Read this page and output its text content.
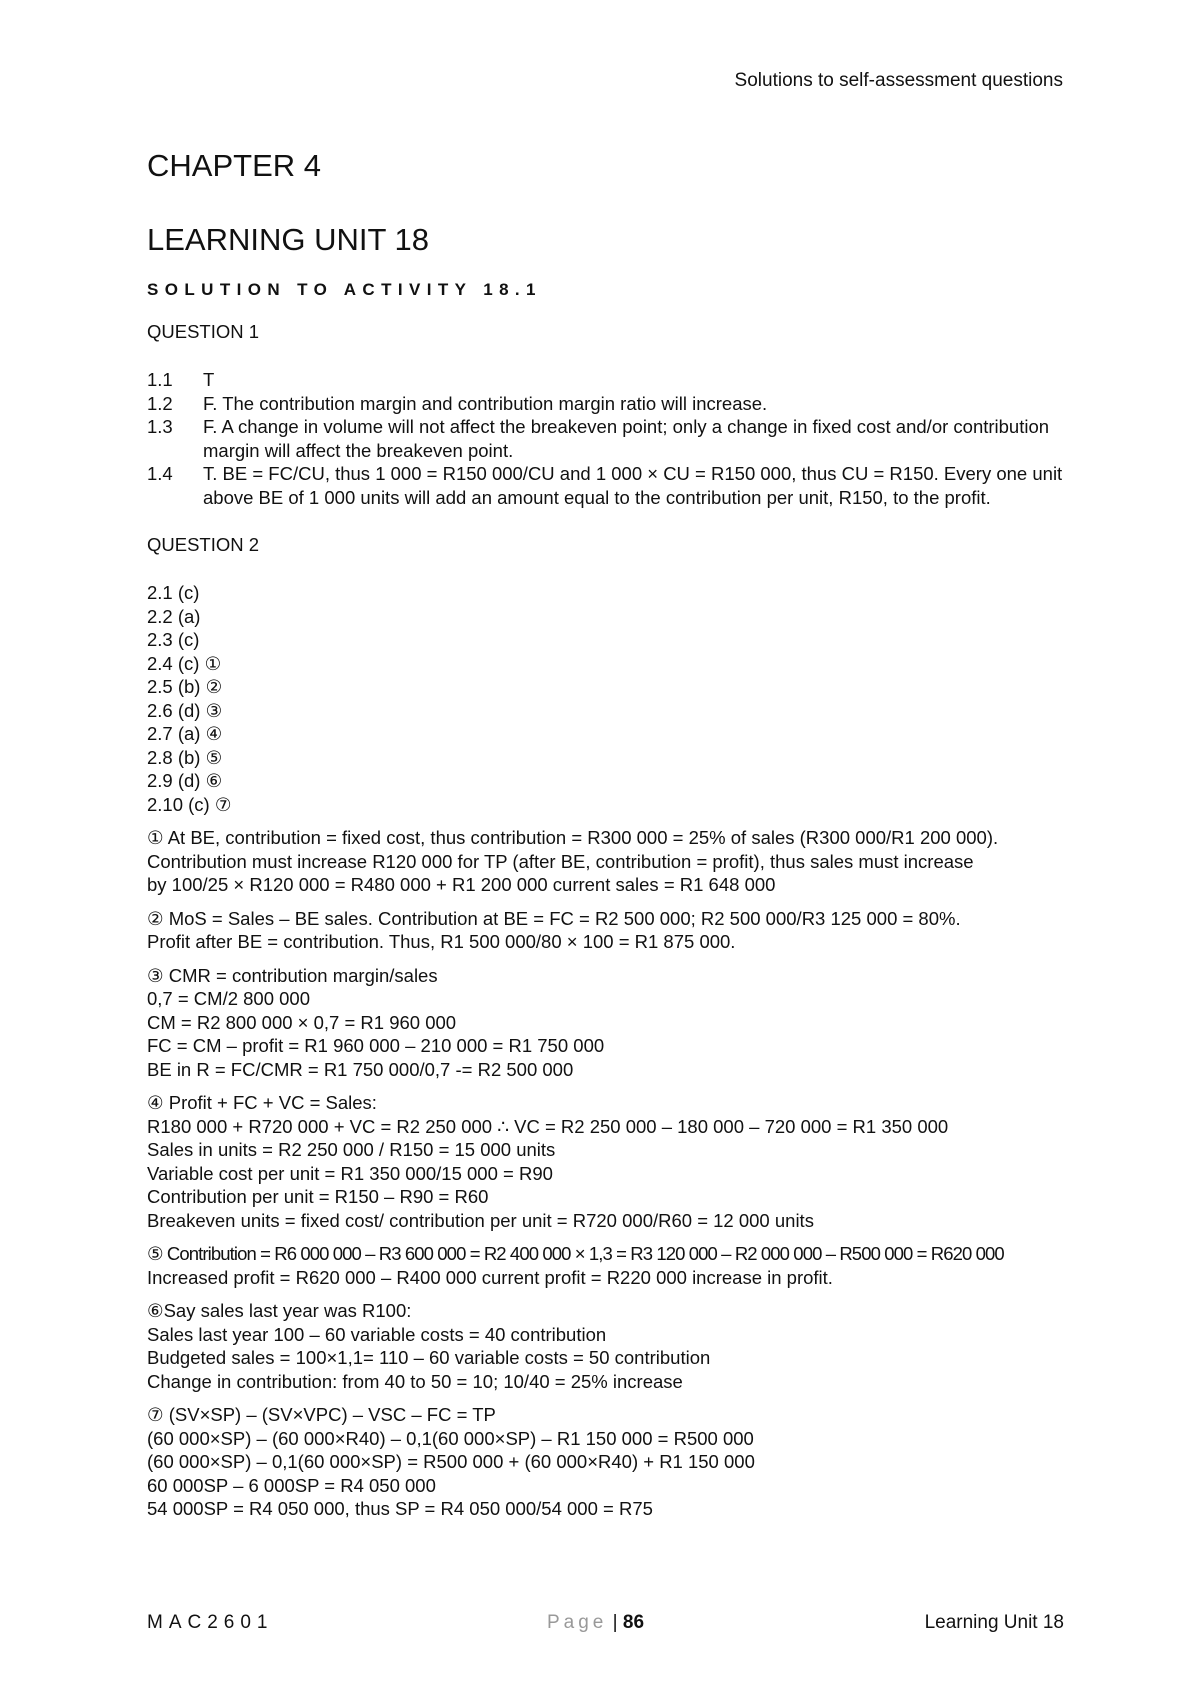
Solutions to self-assessment questions
CHAPTER 4
LEARNING UNIT 18
SOLUTION TO ACTIVITY 18.1
QUESTION 1
1.1	T
1.2	F. The contribution margin and contribution margin ratio will increase.
1.3	F. A change in volume will not affect the breakeven point; only a change in fixed cost and/or contribution margin will affect the breakeven point.
1.4	T. BE = FC/CU, thus 1 000 = R150 000/CU and 1 000 × CU = R150 000, thus CU = R150. Every one unit above BE of 1 000 units will add an amount equal to the contribution per unit, R150, to the profit.
QUESTION 2
2.1 (c)
2.2 (a)
2.3 (c)
2.4 (c) ①
2.5 (b) ②
2.6 (d) ③
2.7 (a) ④
2.8 (b) ⑤
2.9 (d) ⑥
2.10 (c) ⑦
① At BE, contribution = fixed cost, thus contribution = R300 000 = 25% of sales (R300 000/R1 200 000).
Contribution must increase R120 000 for TP (after BE, contribution = profit), thus sales must increase
by 100/25 × R120 000 = R480 000 + R1 200 000 current sales = R1 648 000
② MoS = Sales – BE sales. Contribution at BE = FC = R2 500 000; R2 500 000/R3 125 000 = 80%.
Profit after BE = contribution. Thus, R1 500 000/80 × 100 = R1 875 000.
③ CMR = contribution margin/sales
0,7 = CM/2 800 000
CM = R2 800 000 × 0,7 = R1 960 000
FC = CM – profit = R1 960 000 – 210 000 = R1 750 000
BE in R = FC/CMR = R1 750 000/0,7 -= R2 500 000
④ Profit + FC + VC = Sales:
R180 000 + R720 000 + VC = R2 250 000 ∴ VC = R2 250 000 – 180 000 – 720 000 = R1 350 000
Sales in units = R2 250 000 / R150 = 15 000 units
Variable cost per unit = R1 350 000/15 000 = R90
Contribution per unit = R150 – R90 = R60
Breakeven units = fixed cost/ contribution per unit = R720 000/R60 = 12 000 units
⑤ Contribution = R6 000 000 – R3 600 000 = R2 400 000 × 1,3 = R3 120 000 – R2 000 000 – R500 000 = R620 000
Increased profit = R620 000 – R400 000 current profit = R220 000 increase in profit.
⑥Say sales last year was R100:
Sales last year 100 – 60 variable costs = 40 contribution
Budgeted sales = 100×1,1= 110 – 60 variable costs = 50 contribution
Change in contribution: from 40 to 50 = 10; 10/40 = 25% increase
⑦ (SV×SP) – (SV×VPC) – VSC – FC = TP
(60 000×SP) – (60 000×R40) – 0,1(60 000×SP) – R1 150 000 = R500 000
(60 000×SP) – 0,1(60 000×SP) = R500 000 + (60 000×R40) + R1 150 000
60 000SP – 6 000SP = R4 050 000
54 000SP = R4 050 000, thus SP = R4 050 000/54 000 = R75
MAC2601	Page | 86	Learning Unit 18
